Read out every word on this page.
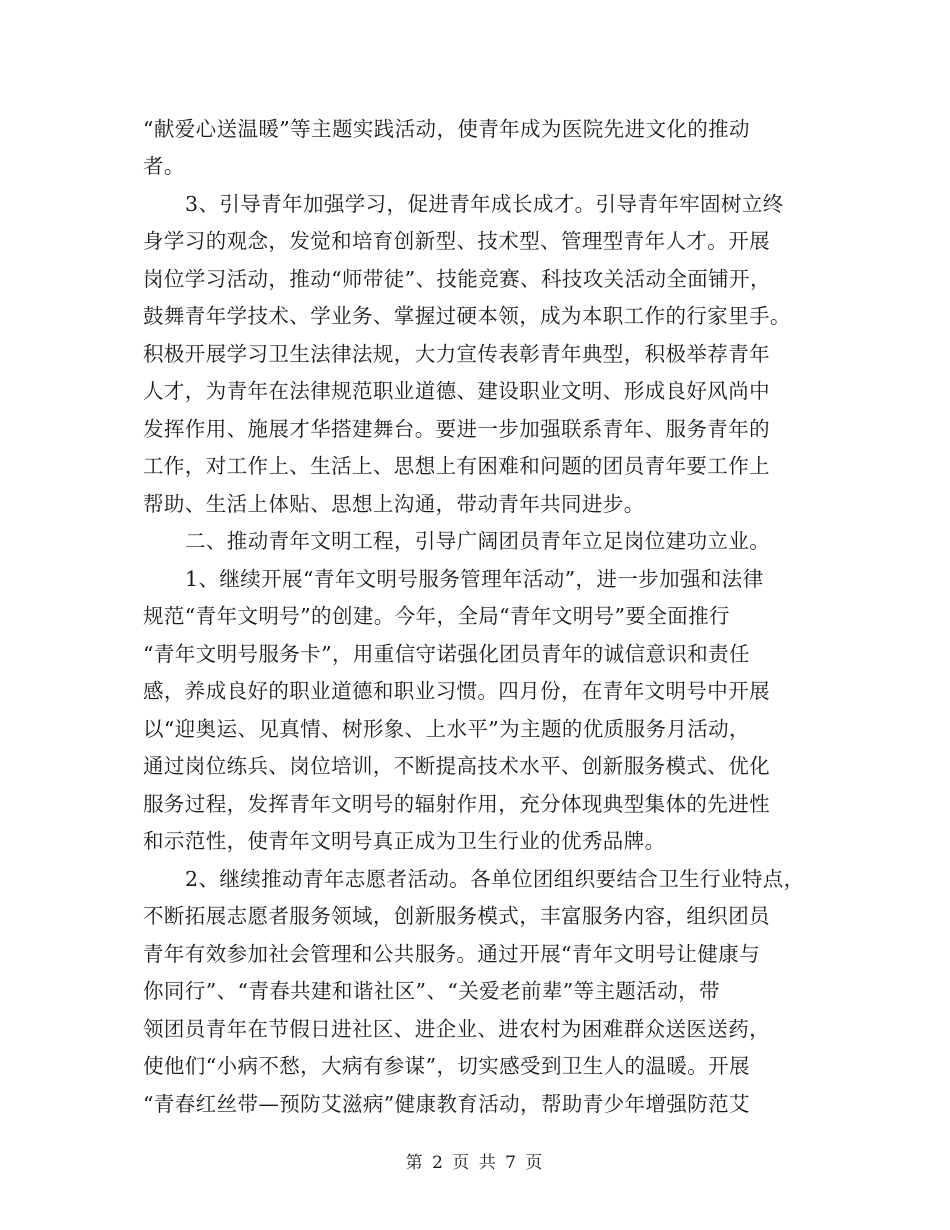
“献爱心送温暖”等主题实践活动，使青年成为医院先进文化的推动
者。
3、引导青年加强学习，促进青年成长成才。引导青年牢固树立终
身学习的观念，发觉和培育创新型、技术型、管理型青年人才。开展
岗位学习活动，推动“师带徒”、技能竞赛、科技攻关活动全面铺开，
鼓舞青年学技术、学业务、掌握过硬本领，成为本职工作的行家里手。
积极开展学习卫生法律法规，大力宣传表彰青年典型，积极举荐青年
人才，为青年在法律规范职业道德、建设职业文明、形成良好风尚中
发挥作用、施展才华搭建舞台。要进一步加强联系青年、服务青年的
工作，对工作上、生活上、思想上有困难和问题的团员青年要工作上
帮助、生活上体贴、思想上沟通，带动青年共同进步。
二、推动青年文明工程，引导广阔团员青年立足岗位建功立业。
1、继续开展“青年文明号服务管理年活动”，进一步加强和法律
规范“青年文明号”的创建。今年，全局“青年文明号”要全面推行
“青年文明号服务卡”，用重信守诺强化团员青年的诚信意识和责任
感，养成良好的职业道德和职业习惯。四月份，在青年文明号中开展
以“迎奥运、见真情、树形象、上水平”为主题的优质服务月活动，
通过岗位练兵、岗位培训，不断提高技术水平、创新服务模式、优化
服务过程，发挥青年文明号的辐射作用，充分体现典型集体的先进性
和示范性，使青年文明号真正成为卫生行业的优秀品牌。
2、继续推动青年志愿者活动。各单位团组织要结合卫生行业特点，
不断拓展志愿者服务领域，创新服务模式，丰富服务内容，组织团员
青年有效参加社会管理和公共服务。通过开展“青年文明号让健康与
你同行”、“青春共建和谐社区”、“关爱老前辈”等主题活动，带
领团员青年在节假日进社区、进企业、进农村为困难群众送医送药，
使他们“小病不愁，大病有参谋”，切实感受到卫生人的温暖。开展
“青春红丝带—预防艾滋病”健康教育活动，帮助青少年增强防范艾
第 2 页 共 7 页
